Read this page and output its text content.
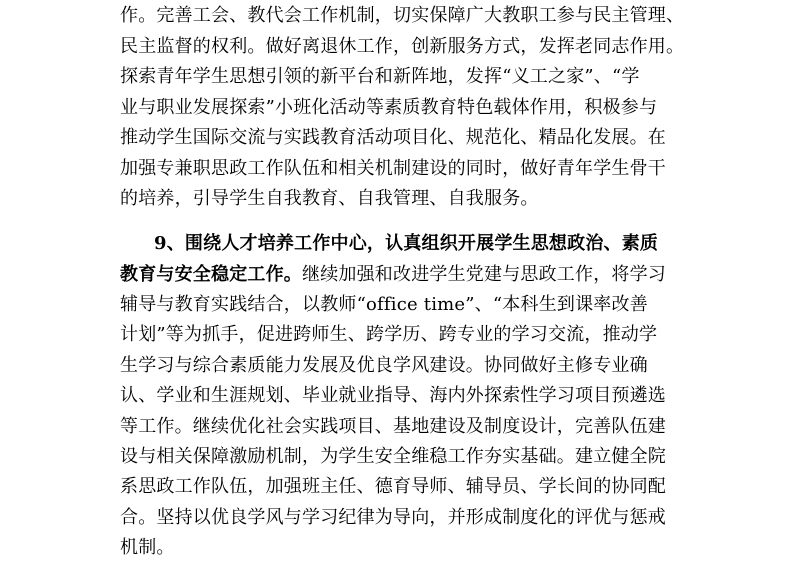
作。完善工会、教代会工作机制，切实保障广大教职工参与民主管理、
民主监督的权利。做好离退休工作，创新服务方式，发挥老同志作用。
探索青年学生思想引领的新平台和新阵地，发挥“义工之家”、“学
业与职业发展探索”小班化活动等素质教育特色载体作用，积极参与
推动学生国际交流与实践教育活动项目化、规范化、精品化发展。在
加强专兼职思政工作队伍和相关机制建设的同时，做好青年学生骨干
的培养，引导学生自我教育、自我管理、自我服务。
9、围绕人才培养工作中心，认真组织开展学生思想政治、素质
教育与安全稳定工作。继续加强和改进学生党建与思政工作，将学习
辅导与教育实践结合，以教师“office time”、“本科生到课率改善
计划”等为抓手，促进跨师生、跨学历、跨专业的学习交流，推动学
生学习与综合素质能力发展及优良学风建设。协同做好主修专业确
认、学业和生涯规划、毕业就业指导、海内外探索性学习项目预遴选
等工作。继续优化社会实践项目、基地建设及制度设计，完善队伍建
设与相关保障激励机制，为学生安全维稳工作夯实基础。建立健全院
系思政工作队伍，加强班主任、德育导师、辅导员、学长间的协同配
合。坚持以优良学风与学习纪律为导向，并形成制度化的评优与惩戒
机制。
